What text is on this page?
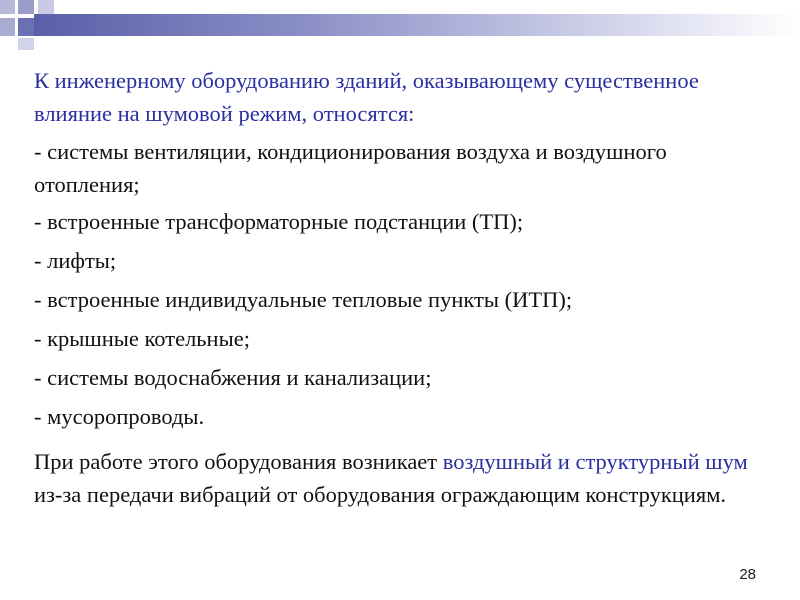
К инженерному оборудованию зданий, оказывающему существенное влияние на шумовой режим, относятся:

- системы вентиляции, кондиционирования воздуха и воздушного отопления;

- встроенные трансформаторные подстанции (ТП);

- лифты;

- встроенные индивидуальные тепловые пункты (ИТП);

- крышные котельные;

- системы водоснабжения и канализации;

- мусоропроводы.

При работе этого оборудования возникает воздушный и структурный шум из-за передачи вибраций от оборудования ограждающим конструкциям.

28
